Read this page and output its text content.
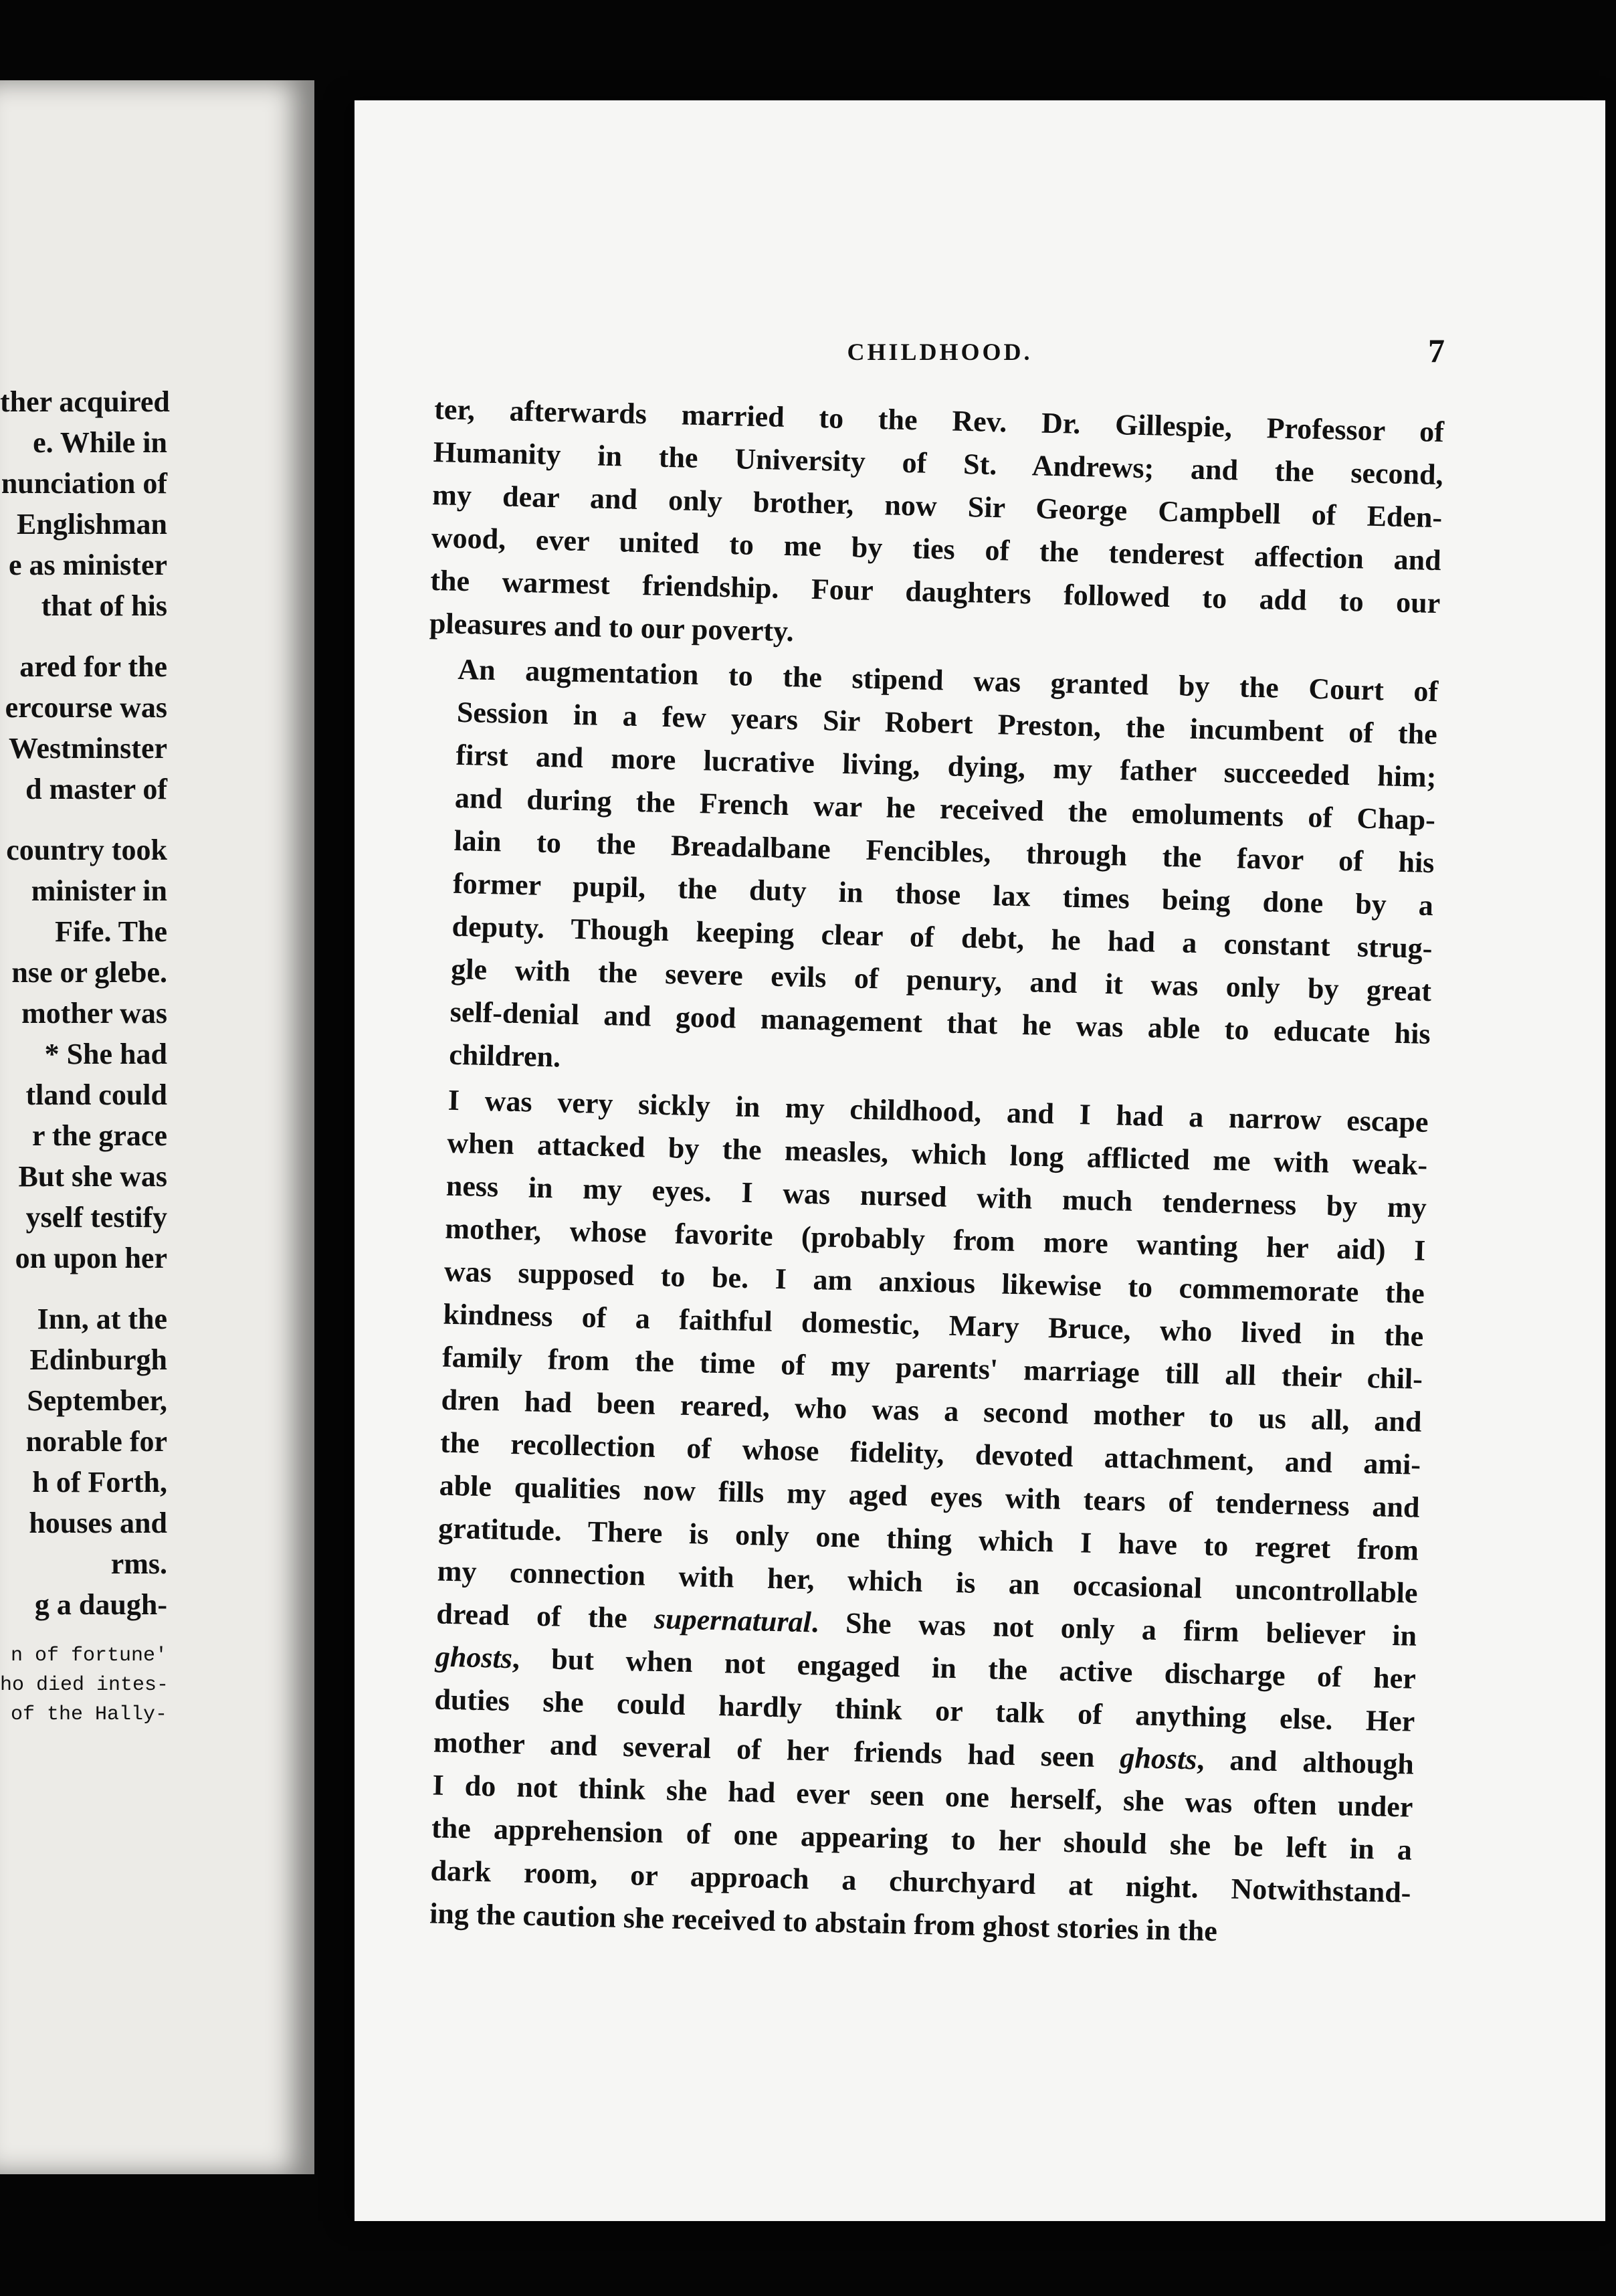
ther acquired
e. While in
nunciation of
Englishman
e as minister
that of his
ared for the
ercourse was
Westminster
d master of
country took
minister in
Fife. The
nse or glebe.
mother was
* She had
tland could
r the grace
But she was
yself testify
on upon her
Inn, at the
Edinburgh
September,
norable for
h of Forth,
houses and
rms.
g a daugh-
n of fortune'
ho died intes-
of the Hally-
CHILDHOOD.	7

ter, afterwards married to the Rev. Dr. Gillespie, Professor of
Humanity in the University of St. Andrews; and the second,
my dear and only brother, now Sir George Campbell of Eden-
wood, ever united to me by ties of the tenderest affection and
the warmest friendship. Four daughters followed to add to our
pleasures and to our poverty.

An augmentation to the stipend was granted by the Court of
Session in a few years Sir Robert Preston, the incumbent of the
first and more lucrative living, dying, my father succeeded him;
and during the French war he received the emoluments of Chap-
lain to the Breadalbane Fencibles, through the favor of his
former pupil, the duty in those lax times being done by a
deputy. Though keeping clear of debt, he had a constant strug-
gle with the severe evils of penury, and it was only by great
self-denial and good management that he was able to educate his
children.

I was very sickly in my childhood, and I had a narrow escape
when attacked by the measles, which long afflicted me with weak-
ness in my eyes. I was nursed with much tenderness by my
mother, whose favorite (probably from more wanting her aid) I
was supposed to be. I am anxious likewise to commemorate the
kindness of a faithful domestic, Mary Bruce, who lived in the
family from the time of my parents' marriage till all their chil-
dren had been reared, who was a second mother to us all, and
the recollection of whose fidelity, devoted attachment, and ami-
able qualities now fills my aged eyes with tears of tenderness and
gratitude. There is only one thing which I have to regret from
my connection with her, which is an occasional uncontrollable
dread of the supernatural. She was not only a firm believer in
ghosts, but when not engaged in the active discharge of her
duties she could hardly think or talk of anything else. Her
mother and several of her friends had seen ghosts, and although
I do not think she had ever seen one herself, she was often under
the apprehension of one appearing to her should she be left in a
dark room, or approach a churchyard at night. Notwithstand-
ing the caution she received to abstain from ghost stories in the
